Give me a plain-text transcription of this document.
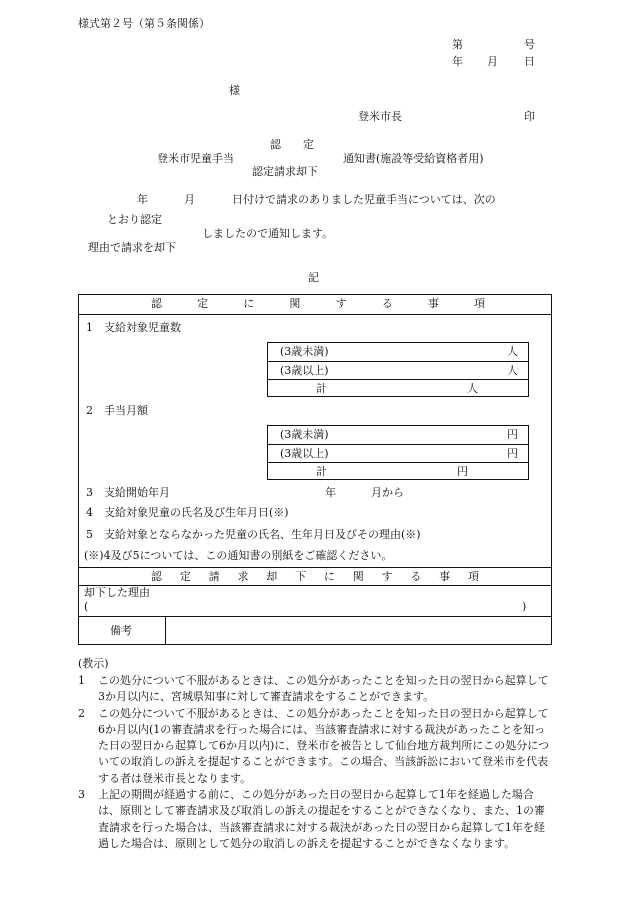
様式第２号（第５条関係）
第	号
年 月 日
様
登米市長	印
認　　定
登米市児童手当	通知書(施設等受給資格者用)
認定請求却下
年	月	日付けで請求のありました児童手当については、次の
とおり認定
しましたので通知します。
理由で請求を却下
記
認	定	に	関	す	る	事	項
1　支給対象児童数
(3歳未満)	人
(3歳以上)	人
計	人
2　手当月額
(3歳未満)	円
(3歳以上)	円
計	円
3　支給開始年月	年	月から
4　支給対象児童の氏名及び生年月日(※)
5　支給対象とならなかった児童の氏名、生年月日及びその理由(※)
(※)4及び5については、この通知書の別紙をご確認ください。
認 定 請 求 却 下 に 関 す る 事 項
却下した理由
(	)
備考
(教示)
1	この処分について不服があるときは、この処分があったことを知った日の翌日から起算して3か月以内に、宮城県知事に対して審査請求をすることができます。
2	この処分について不服があるときは、この処分があったことを知った日の翌日から起算して6か月以内(1の審査請求を行った場合には、当該審査請求に対する裁決があったことを知った日の翌日から起算して6か月以内)に、登米市を被告として仙台地方裁判所にこの処分についての取消しの訴えを提起することができます。この場合、当該訴訟において登米市を代表する者は登米市長となります。
3	上記の期間が経過する前に、この処分があった日の翌日から起算して1年を経過した場合は、原則として審査請求及び取消しの訴えの提起をすることができなくなり、また、1の審査請求を行った場合は、当該審査請求に対する裁決があった日の翌日から起算して1年を経過した場合は、原則として処分の取消しの訴えを提起することができなくなります。
